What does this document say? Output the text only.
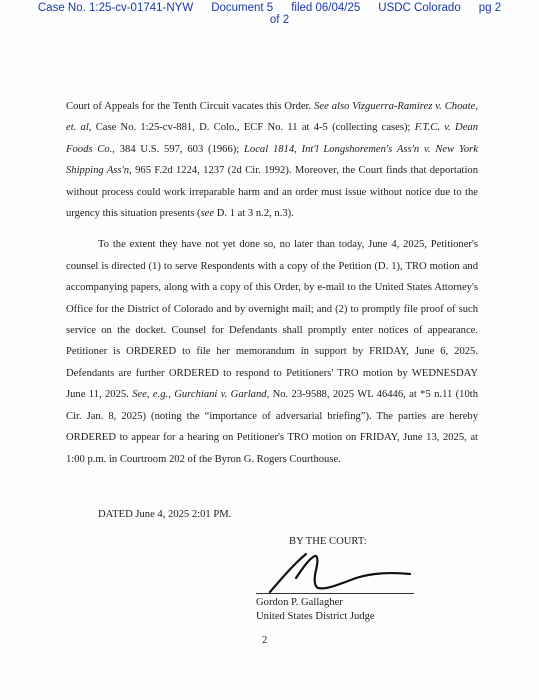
Case No. 1:25-cv-01741-NYW Document 5 filed 06/04/25 USDC Colorado pg 2
of 2

Court of Appeals for the Tenth Circuit vacates this Order. See also Vizguerra-Ramirez v. Choate, et. al, Case No. 1:25-cv-881, D. Colo., ECF No. 11 at 4-5 (collecting cases); F.T.C. v. Dean Foods Co., 384 U.S. 597, 603 (1966); Local 1814, Int'l Longshoremen's Ass'n v. New York Shipping Ass'n, 965 F.2d 1224, 1237 (2d Cir. 1992). Moreover, the Court finds that deportation without process could work irreparable harm and an order must issue without notice due to the urgency this situation presents (see D. 1 at 3 n.2, n.3).

To the extent they have not yet done so, no later than today, June 4, 2025, Petitioner's counsel is directed (1) to serve Respondents with a copy of the Petition (D. 1), TRO motion and accompanying papers, along with a copy of this Order, by e-mail to the United States Attorney's Office for the District of Colorado and by overnight mail; and (2) to promptly file proof of such service on the docket. Counsel for Defendants shall promptly enter notices of appearance. Petitioner is ORDERED to file her memorandum in support by FRIDAY, June 6, 2025. Defendants are further ORDERED to respond to Petitioners' TRO motion by WEDNESDAY June 11, 2025. See, e.g., Gurchiani v. Garland, No. 23-9588, 2025 WL 46446, at *5 n.11 (10th Cir. Jan. 8, 2025) (noting the “importance of adversarial briefing”). The parties are hereby ORDERED to appear for a hearing on Petitioner's TRO motion on FRIDAY, June 13, 2025, at 1:00 p.m. in Courtroom 202 of the Byron G. Rogers Courthouse.

DATED June 4, 2025 2:01 PM.
BY THE COURT:
Gordon P. Gallagher
United States District Judge
2
